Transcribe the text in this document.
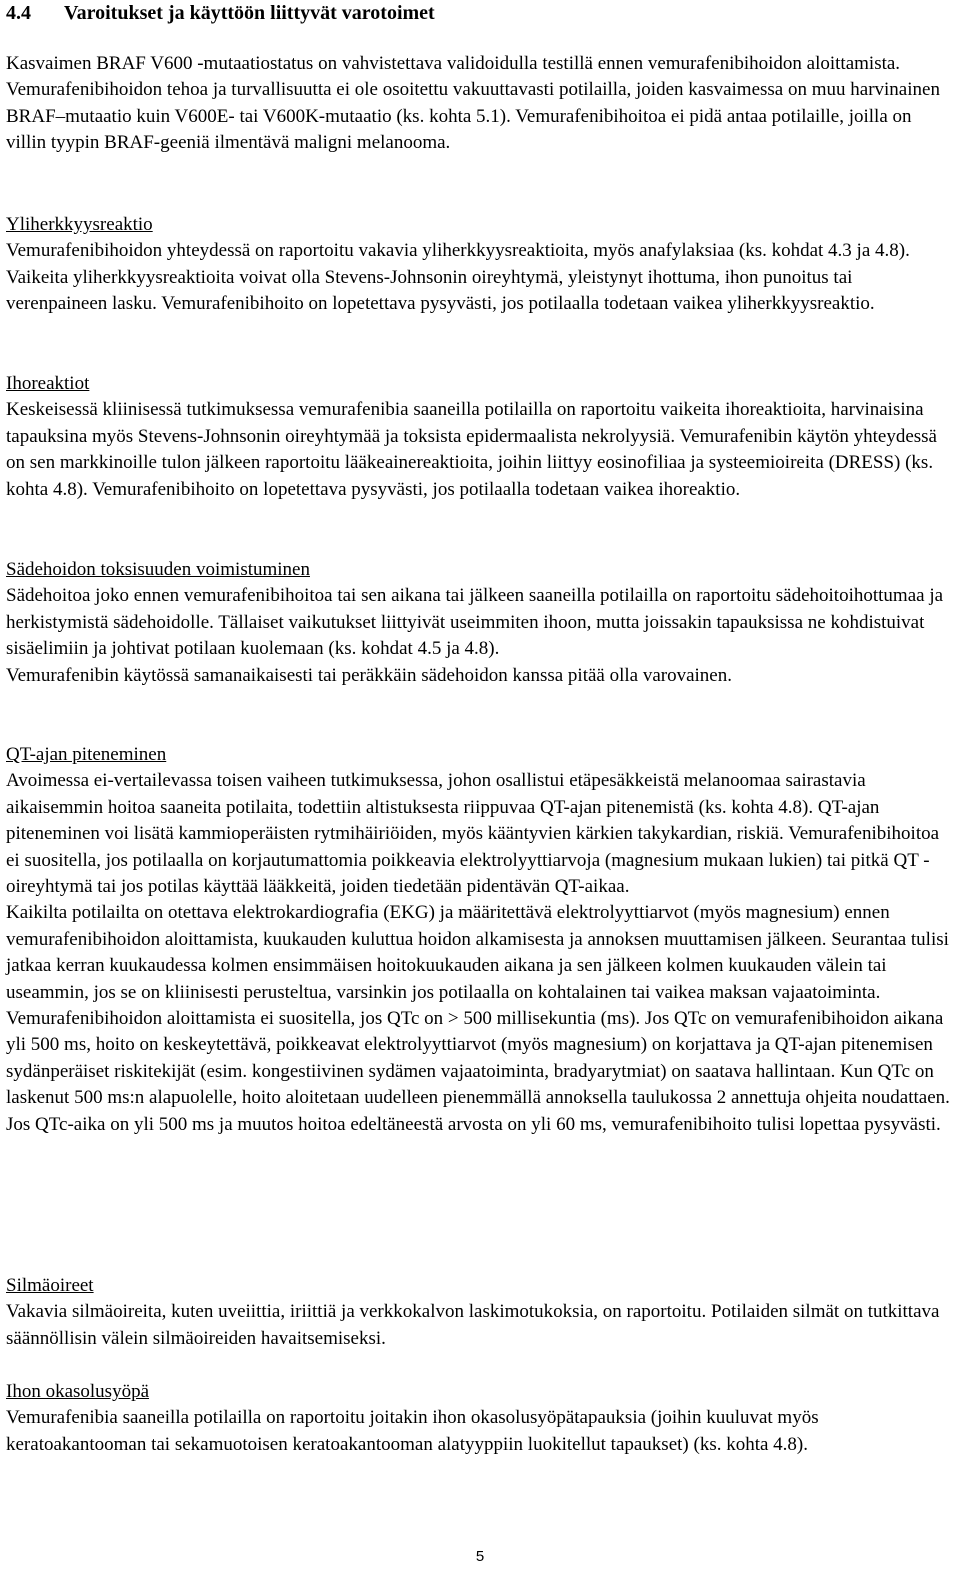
4.4 Varoitukset ja käyttöön liittyvät varotoimet

Kasvaimen BRAF V600 -mutaatiostatus on vahvistettava validoidulla testillä ennen vemurafenibihoidon aloittamista. Vemurafenibihoidon tehoa ja turvallisuutta ei ole osoitettu vakuuttavasti potilailla, joiden kasvaimessa on muu harvinainen BRAF–mutaatio kuin V600E- tai V600K-mutaatio (ks. kohta 5.1). Vemurafenibihoitoa ei pidä antaa potilaille, joilla on villin tyypin BRAF-geeniä ilmentävä maligni melanooma.

Yliherkkyysreaktio

Vemurafenibihoidon yhteydessä on raportoitu vakavia yliherkkyysreaktioita, myös anafylaksiaa (ks. kohdat 4.3 ja 4.8). Vaikeita yliherkkyysreaktioita voivat olla Stevens-Johnsonin oireyhtymä, yleistynyt ihottuma, ihon punoitus tai verenpaineen lasku. Vemurafenibihoito on lopetettava pysyvästi, jos potilaalla todetaan vaikea yliherkkyysreaktio.

Ihoreaktiot

Keskeisessä kliinisessä tutkimuksessa vemurafenibia saaneilla potilailla on raportoitu vaikeita ihoreaktioita, harvinaisina tapauksina myös Stevens-Johnsonin oireyhtymää ja toksista epidermaalista nekrolyysiä. Vemurafenibin käytön yhteydessä on sen markkinoille tulon jälkeen raportoitu lääkeainereaktioita, joihin liittyy eosinofiliaa ja systeemioireita (DRESS) (ks. kohta 4.8). Vemurafenibihoito on lopetettava pysyvästi, jos potilaalla todetaan vaikea ihoreaktio.

Sädehoidon toksisuuden voimistuminen

Sädehoitoa joko ennen vemurafenibihoitoa tai sen aikana tai jälkeen saaneilla potilailla on raportoitu sädehoitoihottumaa ja herkistymistä sädehoidolle. Tällaiset vaikutukset liittyivät useimmiten ihoon, mutta joissakin tapauksissa ne kohdistuivat sisäelimiin ja johtivat potilaan kuolemaan (ks. kohdat 4.5 ja 4.8).

Vemurafenibin käytössä samanaikaisesti tai peräkkäin sädehoidon kanssa pitää olla varovainen.

QT-ajan piteneminen

Avoimessa ei-vertailevassa toisen vaiheen tutkimuksessa, johon osallistui etäpesäkkeistä melanoomaa sairastavia aikaisemmin hoitoa saaneita potilaita, todettiin altistuksesta riippuvaa QT-ajan pitenemistä (ks. kohta 4.8). QT-ajan piteneminen voi lisätä kammioperäisten rytmihäiriöiden, myös kääntyvien kärkien takykardian, riskiä. Vemurafenibihoitoa ei suositella, jos potilaalla on korjautumattomia poikkeavia elektrolyyttiarvoja (magnesium mukaan lukien) tai pitkä QT -oireyhtymä tai jos potilas käyttää lääkkeitä, joiden tiedetään pidentävän QT-aikaa.

Kaikilta potilailta on otettava elektrokardiografia (EKG) ja määritettävä elektrolyyttiarvot (myös magnesium) ennen vemurafenibihoidon aloittamista, kuukauden kuluttua hoidon alkamisesta ja annoksen muuttamisen jälkeen. Seurantaa tulisi jatkaa kerran kuukaudessa kolmen ensimmäisen hoitokuukauden aikana ja sen jälkeen kolmen kuukauden välein tai useammin, jos se on kliinisesti perusteltua, varsinkin jos potilaalla on kohtalainen tai vaikea maksan vajaatoiminta.

Vemurafenibihoidon aloittamista ei suositella, jos QTc on > 500 millisekuntia (ms). Jos QTc on vemurafenibihoidon aikana yli 500 ms, hoito on keskeytettävä, poikkeavat elektrolyyttiarvot (myös magnesium) on korjattava ja QT-ajan pitenemisen sydänperäiset riskitekijät (esim. kongestiivinen sydämen vajaatoiminta, bradyarytmiat) on saatava hallintaan. Kun QTc on laskenut 500 ms:n alapuolelle, hoito aloitetaan uudelleen pienemmällä annoksella taulukossa 2 annettuja ohjeita noudattaen. Jos QTc-aika on yli 500 ms ja muutos hoitoa edeltäneestä arvosta on yli 60 ms, vemurafenibihoito tulisi lopettaa pysyvästi.

Silmäoireet

Vakavia silmäoireita, kuten uveiittia, iriittiä ja verkkokalvon laskimotukoksia, on raportoitu. Potilaiden silmät on tutkittava säännöllisin välein silmäoireiden havaitsemiseksi.

Ihon okasolusyöpä

Vemurafenibia saaneilla potilailla on raportoitu joitakin ihon okasolusyöpätapauksia (joihin kuuluvat myös keratoakantooman tai sekamuotoisen keratoakantooman alatyyppiin luokitellut tapaukset) (ks. kohta 4.8).

5
